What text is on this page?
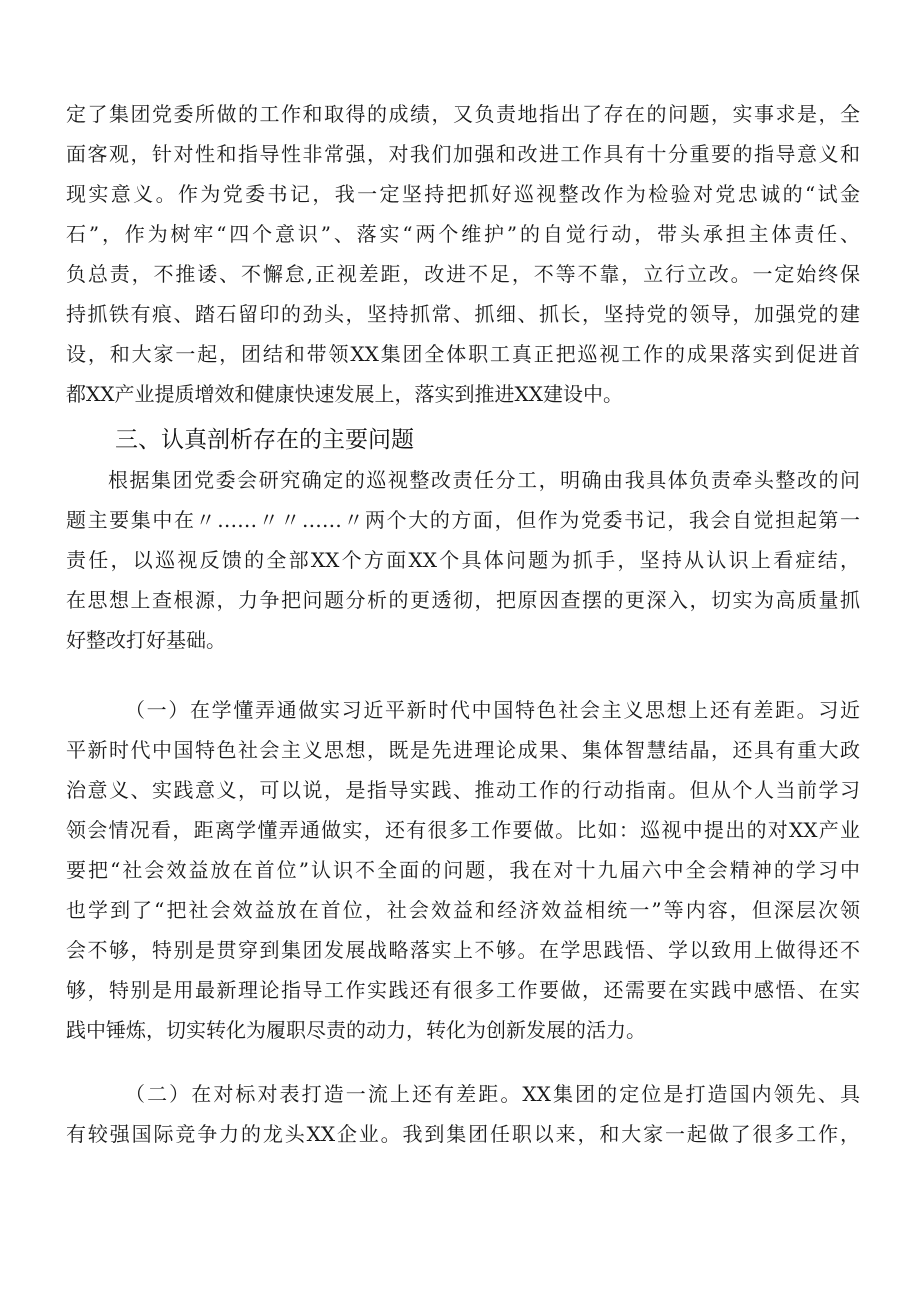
定了集团党委所做的工作和取得的成绩，又负责地指出了存在的问题，实事求是，全
面客观，针对性和指导性非常强，对我们加强和改进工作具有十分重要的指导意义和
现实意义。作为党委书记，我一定坚持把抓好巡视整改作为检验对党忠诚的“试金
石”，作为树牢“四个意识”、落实“两个维护”的自觉行动，带头承担主体责任、
负总责，不推诿、不懈怠,正视差距，改进不足，不等不靠，立行立改。一定始终保
持抓铁有痕、踏石留印的劲头，坚持抓常、抓细、抓长，坚持党的领导，加强党的建
设，和大家一起，团结和带领XX集团全体职工真正把巡视工作的成果落实到促进首
都XX产业提质增效和健康快速发展上，落实到推进XX建设中。
三、认真剖析存在的主要问题
根据集团党委会研究确定的巡视整改责任分工，明确由我具体负责牵头整改的问
题主要集中在〃……〃〃……〃两个大的方面，但作为党委书记，我会自觉担起第一
责任，以巡视反馈的全部XX个方面XX个具体问题为抓手，坚持从认识上看症结，
在思想上查根源，力争把问题分析的更透彻，把原因查摆的更深入，切实为高质量抓
好整改打好基础。
（一）在学懂弄通做实习近平新时代中国特色社会主义思想上还有差距。习近
平新时代中国特色社会主义思想，既是先进理论成果、集体智慧结晶，还具有重大政
治意义、实践意义，可以说，是指导实践、推动工作的行动指南。但从个人当前学习
领会情况看，距离学懂弄通做实，还有很多工作要做。比如：巡视中提出的对XX产业
要把“社会效益放在首位”认识不全面的问题，我在对十九届六中全会精神的学习中
也学到了“把社会效益放在首位，社会效益和经济效益相统一”等内容，但深层次领
会不够，特别是贯穿到集团发展战略落实上不够。在学思践悟、学以致用上做得还不
够，特别是用最新理论指导工作实践还有很多工作要做，还需要在实践中感悟、在实
践中锤炼，切实转化为履职尽责的动力，转化为创新发展的活力。
（二）在对标对表打造一流上还有差距。XX集团的定位是打造国内领先、具
有较强国际竞争力的龙头XX企业。我到集团任职以来，和大家一起做了很多工作，
